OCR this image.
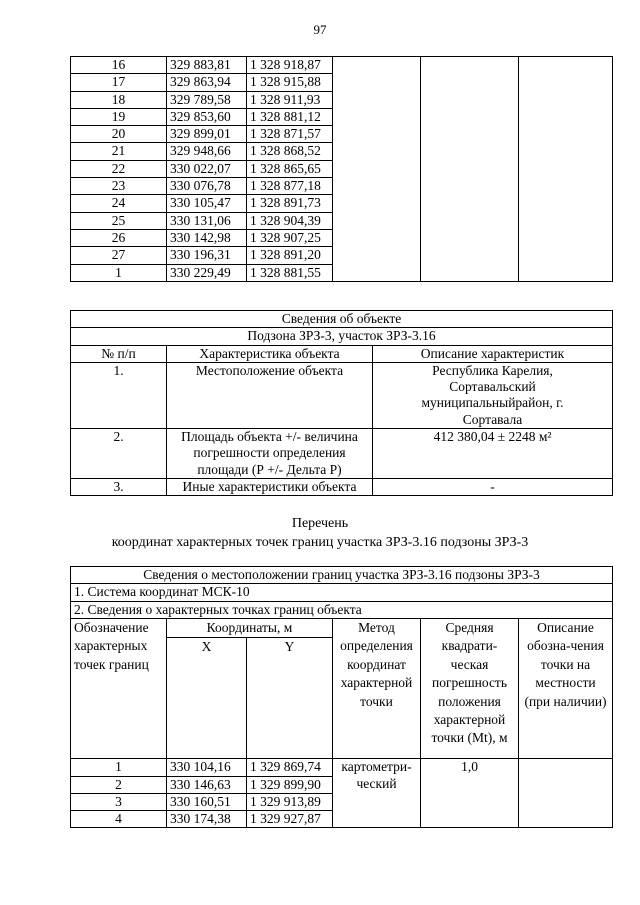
97
16	329 883,81	1 328 918,87			
17	329 863,94	1 328 915,88			
18	329 789,58	1 328 911,93			
19	329 853,60	1 328 881,12			
20	329 899,01	1 328 871,57			
21	329 948,66	1 328 868,52			
22	330 022,07	1 328 865,65			
23	330 076,78	1 328 877,18			
24	330 105,47	1 328 891,73			
25	330 131,06	1 328 904,39			
26	330 142,98	1 328 907,25			
27	330 196,31	1 328 891,20			
1	330 229,49	1 328 881,55			
Сведения об объекте		
Подзона ЗРЗ-3, участок ЗРЗ-3.16		
№ п/п	Характеристика объекта	Описание характеристик
1.	Местоположение объекта	Республика Карелия, Сортавальский муниципальныйрайон, г. Сортавала
2.	Площадь объекта +/- величина погрешности определения площади (Р +/- Дельта Р)	412 380,04 ± 2248 м²
3.	Иные характеристики объекта	-
Перечень
координат характерных точек границ участка ЗРЗ-3.16 подзоны ЗРЗ-3
Сведения о местоположении границ участка ЗРЗ-3.16 подзоны ЗРЗ-3					
1. Система координат МСК-10					
2. Сведения о характерных точках границ объекта					
Обозначение характерных точек границ	Координаты, м		Метод определения координат характерной точки	Средняя квадрати-ческая погрешность положения характерной точки (Mt), м	Описание обозна-чения точки на местности (при наличии)
	X	Y			
1	330 104,16	1 329 869,74	картометри-ческий	1,0	
2	330 146,63	1 329 899,90			
3	330 160,51	1 329 913,89			
4	330 174,38	1 329 927,87			
